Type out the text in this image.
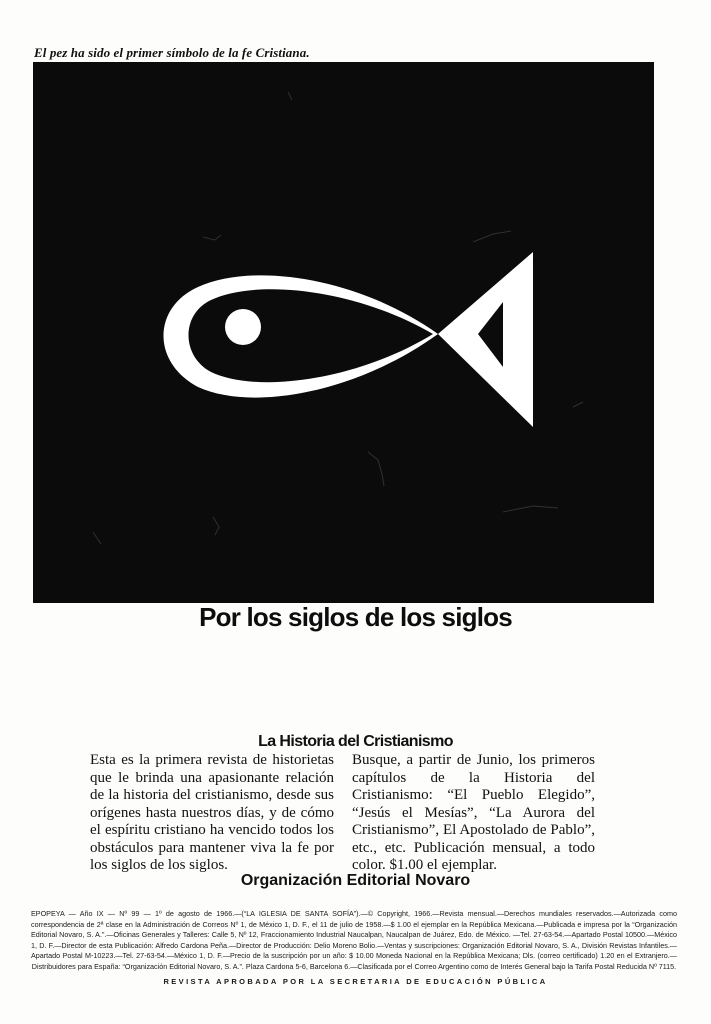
El pez ha sido el primer símbolo de la fe Cristiana.
Por los siglos de los siglos
La Historia del Cristianismo
Esta es la primera revista de historietas que le brinda una apasionante relación de la historia del cristianismo, desde sus orígenes hasta nuestros días, y de cómo el espíritu cristiano ha vencido todos los obstáculos para mantener viva la fe por los siglos de los siglos.
Busque, a partir de Junio, los primeros capítulos de la Historia del Cristianismo: “El Pueblo Elegido”, “Jesús el Mesías”, “La Aurora del Cristianismo”, El Apostolado de Pablo”, etc., etc. Publicación mensual, a todo color. $1.00 el ejemplar.
Organización Editorial Novaro
EPOPEYA — Año IX — Nº 99 — 1º de agosto de 1966.—(“LA IGLESIA DE SANTA SOFÍA”).—© Copyright, 1966.—Revista mensual.—Derechos mundiales reservados.—Autorizada como correspondencia de 2ª clase en la Administración de Correos Nº 1, de México 1, D. F., el 11 de julio de 1958.—$ 1.00 el ejemplar en la República Mexicana.—Publicada e impresa por la “Organización Editorial Novaro, S. A.”.—Oficinas Generales y Talleres: Calle 5, Nº 12, Fraccionamiento Industrial Naucalpan, Naucalpan de Juárez, Edo. de México. —Tel. 27-63-54.—Apartado Postal 10500.—México 1, D. F.—Director de esta Publicación: Alfredo Cardona Peña.—Director de Producción: Delio Moreno Bolio.—Ventas y suscripciones: Organización Editorial Novaro, S. A., División Revistas Infantiles.—Apartado Postal M-10223.—Tel. 27-63-54.—México 1, D. F.—Precio de la suscripción por un año: $ 10.00 Moneda Nacional en la República Mexicana; Dls. (correo certificado) 1.20 en el Extranjero.—Distribuidores para España: “Organización Editorial Novaro, S. A.”. Plaza Cardona 5-6, Barcelona 6.—Clasificada por el Correo Argentino como de Interés General bajo la Tarifa Postal Reducida Nº 7115.
REVISTA APROBADA POR LA SECRETARIA DE EDUCACIÓN PÚBLICA
